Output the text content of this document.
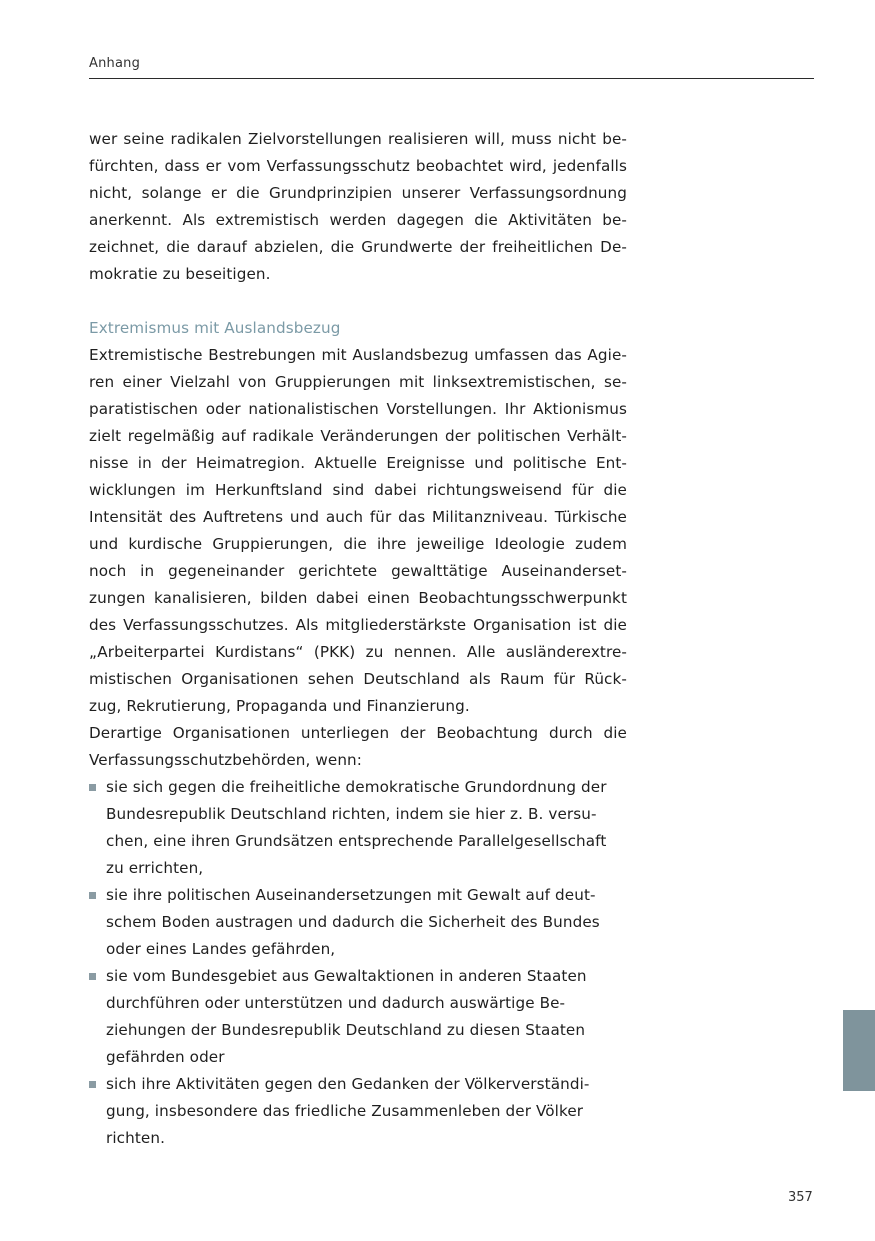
Anhang
wer seine radikalen Zielvorstellungen realisieren will, muss nicht be-
fürchten, dass er vom Verfassungsschutz beobachtet wird, jedenfalls
nicht, solange er die Grundprinzipien unserer Verfassungsordnung
anerkennt. Als extremistisch werden dagegen die Aktivitäten be-
zeichnet, die darauf abzielen, die Grundwerte der freiheitlichen De-
mokratie zu beseitigen.
Extremismus mit Auslandsbezug
Extremistische Bestrebungen mit Auslandsbezug umfassen das Agie-
ren einer Vielzahl von Gruppierungen mit linksextremistischen, se-
paratistischen oder nationalistischen Vorstellungen. Ihr Aktionismus
zielt regelmäßig auf radikale Veränderungen der politischen Verhält-
nisse in der Heimatregion. Aktuelle Ereignisse und politische Ent-
wicklungen im Herkunftsland sind dabei richtungsweisend für die
Intensität des Auftretens und auch für das Militanzniveau. Türkische
und kurdische Gruppierungen, die ihre jeweilige Ideologie zudem
noch in gegeneinander gerichtete gewalttätige Auseinanderset-
zungen kanalisieren, bilden dabei einen Beobachtungsschwerpunkt
des Verfassungsschutzes. Als mitgliederstärkste Organisation ist die
„Arbeiterpartei Kurdistans“ (PKK) zu nennen. Alle ausländerextre-
mistischen Organisationen sehen Deutschland als Raum für Rück-
zug, Rekrutierung, Propaganda und Finanzierung.
Derartige Organisationen unterliegen der Beobachtung durch die
Verfassungsschutzbehörden, wenn:
sie sich gegen die freiheitliche demokratische Grundordnung der
Bundesrepublik Deutschland richten, indem sie hier z. B. versu-
chen, eine ihren Grundsätzen entsprechende Parallelgesellschaft
zu errichten,
sie ihre politischen Auseinandersetzungen mit Gewalt auf deut-
schem Boden austragen und dadurch die Sicherheit des Bundes
oder eines Landes gefährden,
sie vom Bundesgebiet aus Gewaltaktionen in anderen Staaten
durchführen oder unterstützen und dadurch auswärtige Be-
ziehungen der Bundesrepublik Deutschland zu diesen Staaten
gefährden oder
sich ihre Aktivitäten gegen den Gedanken der Völkerverständi-
gung, insbesondere das friedliche Zusammenleben der Völker
richten.
357
